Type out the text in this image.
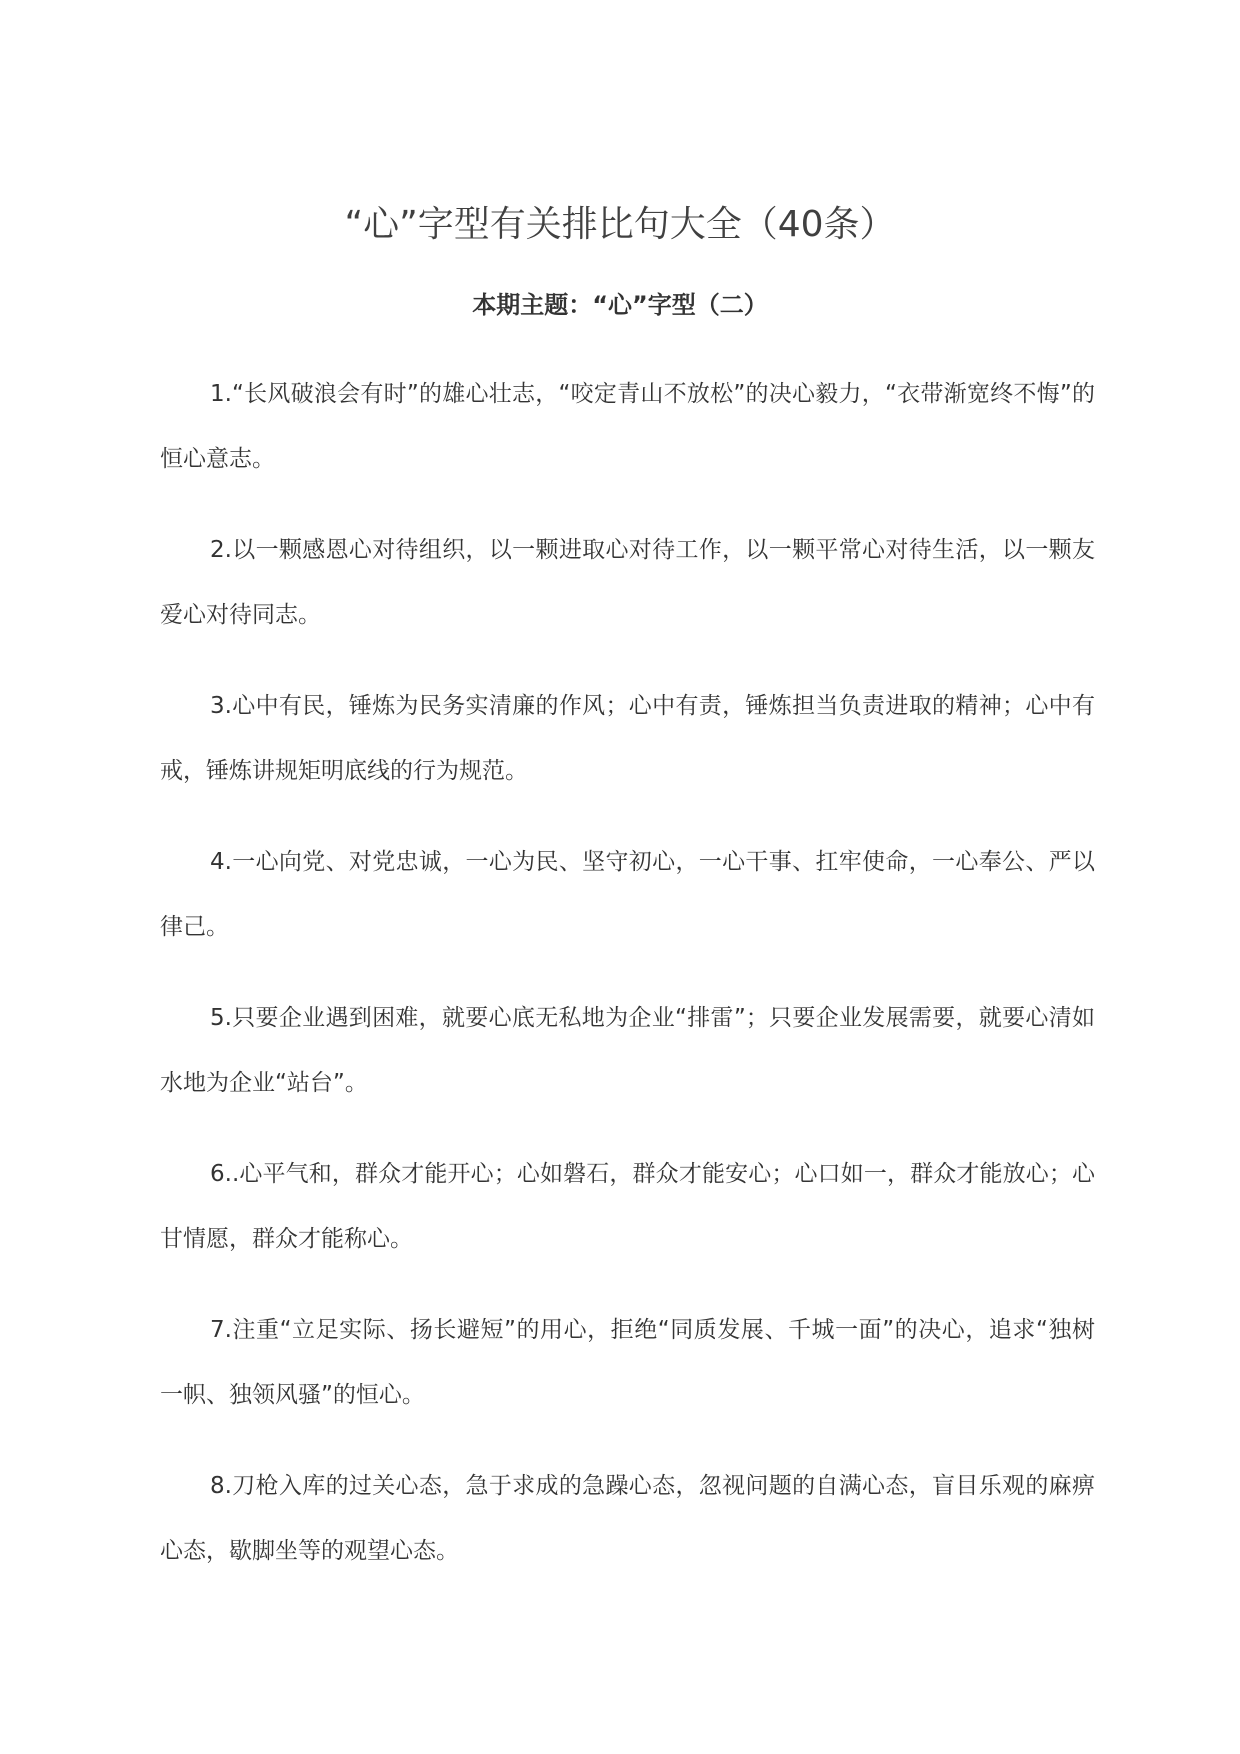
“心”字型有关排比句大全（40条）
本期主题：“心”字型（二）
1.“长风破浪会有时”的雄心壮志，“咬定青山不放松”的决心毅力，“衣带渐宽终不悔”的恒心意志。
2.以一颗感恩心对待组织，以一颗进取心对待工作，以一颗平常心对待生活，以一颗友爱心对待同志。
3.心中有民，锤炼为民务实清廉的作风；心中有责，锤炼担当负责进取的精神；心中有戒，锤炼讲规矩明底线的行为规范。
4.一心向党、对党忠诚，一心为民、坚守初心，一心干事、扛牢使命，一心奉公、严以律己。
5.只要企业遇到困难，就要心底无私地为企业“排雷”；只要企业发展需要，就要心清如水地为企业“站台”。
6..心平气和，群众才能开心；心如磐石，群众才能安心；心口如一，群众才能放心；心甘情愿，群众才能称心。
7.注重“立足实际、扬长避短”的用心，拒绝“同质发展、千城一面”的决心，追求“独树一帜、独领风骚”的恒心。
8.刀枪入库的过关心态，急于求成的急躁心态，忽视问题的自满心态，盲目乐观的麻痹心态，歇脚坐等的观望心态。
